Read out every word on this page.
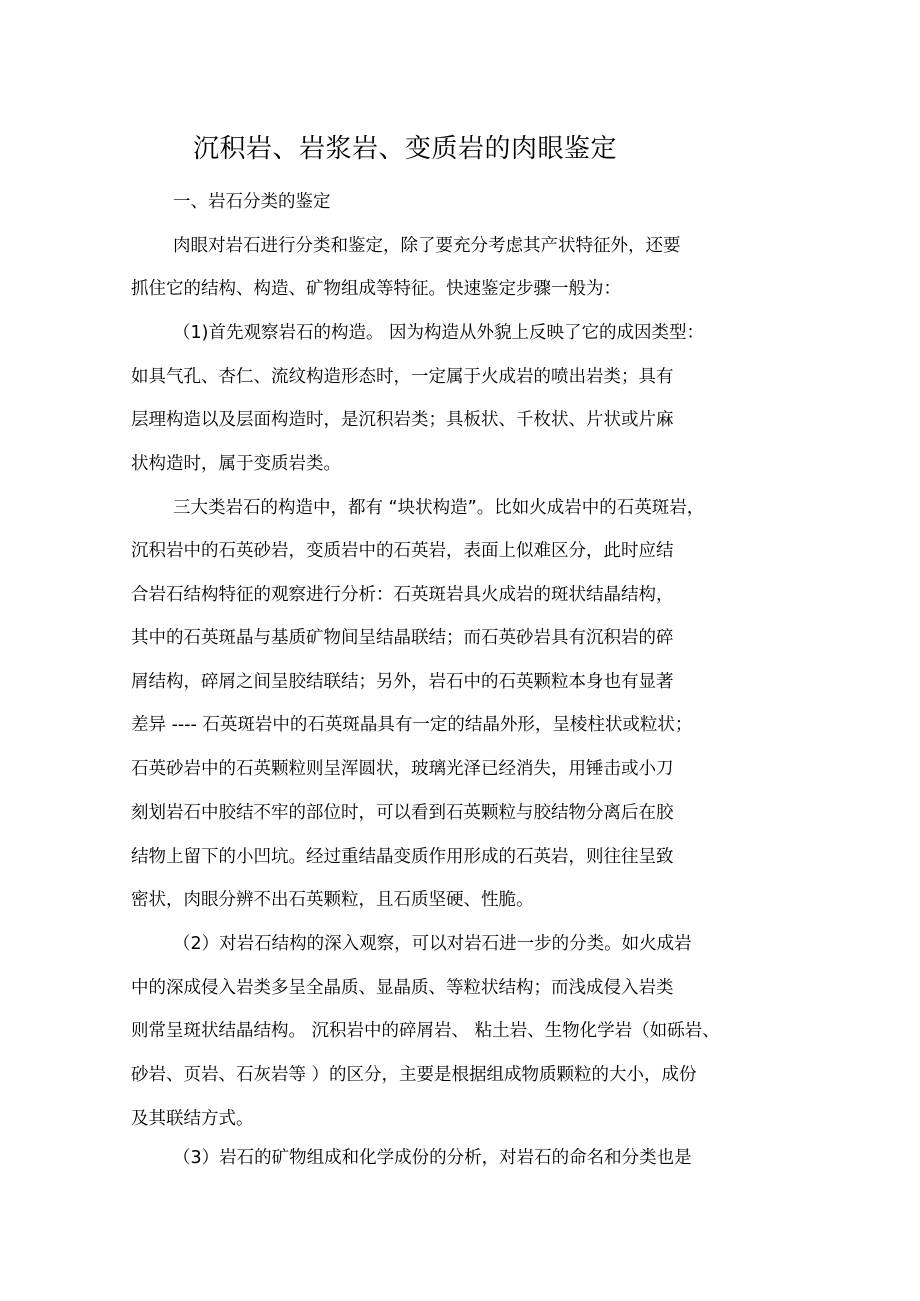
沉积岩、岩浆岩、变质岩的肉眼鉴定
一、岩石分类的鉴定
肉眼对岩石进行分类和鉴定，除了要充分考虑其产状特征外，还要
抓住它的结构、构造、矿物组成等特征。快速鉴定步骤一般为：
（1)首先观察岩石的构造。 因为构造从外貌上反映了它的成因类型：
如具气孔、杏仁、流纹构造形态时，一定属于火成岩的喷出岩类；具有
层理构造以及层面构造时，是沉积岩类；具板状、千枚状、片状或片麻
状构造时，属于变质岩类。
三大类岩石的构造中，都有 “块状构造”。比如火成岩中的石英斑岩，
沉积岩中的石英砂岩，变质岩中的石英岩，表面上似难区分，此时应结
合岩石结构特征的观察进行分析：石英斑岩具火成岩的斑状结晶结构，
其中的石英斑晶与基质矿物间呈结晶联结；而石英砂岩具有沉积岩的碎
屑结构，碎屑之间呈胶结联结；另外，岩石中的石英颗粒本身也有显著
差异 ---- 石英斑岩中的石英斑晶具有一定的结晶外形，呈棱柱状或粒状；
石英砂岩中的石英颗粒则呈浑圆状，玻璃光泽已经消失，用锤击或小刀
刻划岩石中胶结不牢的部位时，可以看到石英颗粒与胶结物分离后在胶
结物上留下的小凹坑。经过重结晶变质作用形成的石英岩，则往往呈致
密状，肉眼分辨不出石英颗粒，且石质坚硬、性脆。
（2）对岩石结构的深入观察，可以对岩石进一步的分类。如火成岩
中的深成侵入岩类多呈全晶质、显晶质、等粒状结构；而浅成侵入岩类
则常呈斑状结晶结构。 沉积岩中的碎屑岩、 粘土岩、生物化学岩（如砾岩、
砂岩、页岩、石灰岩等 ）的区分，主要是根据组成物质颗粒的大小，成份
及其联结方式。
（3）岩石的矿物组成和化学成份的分析，对岩石的命名和分类也是
